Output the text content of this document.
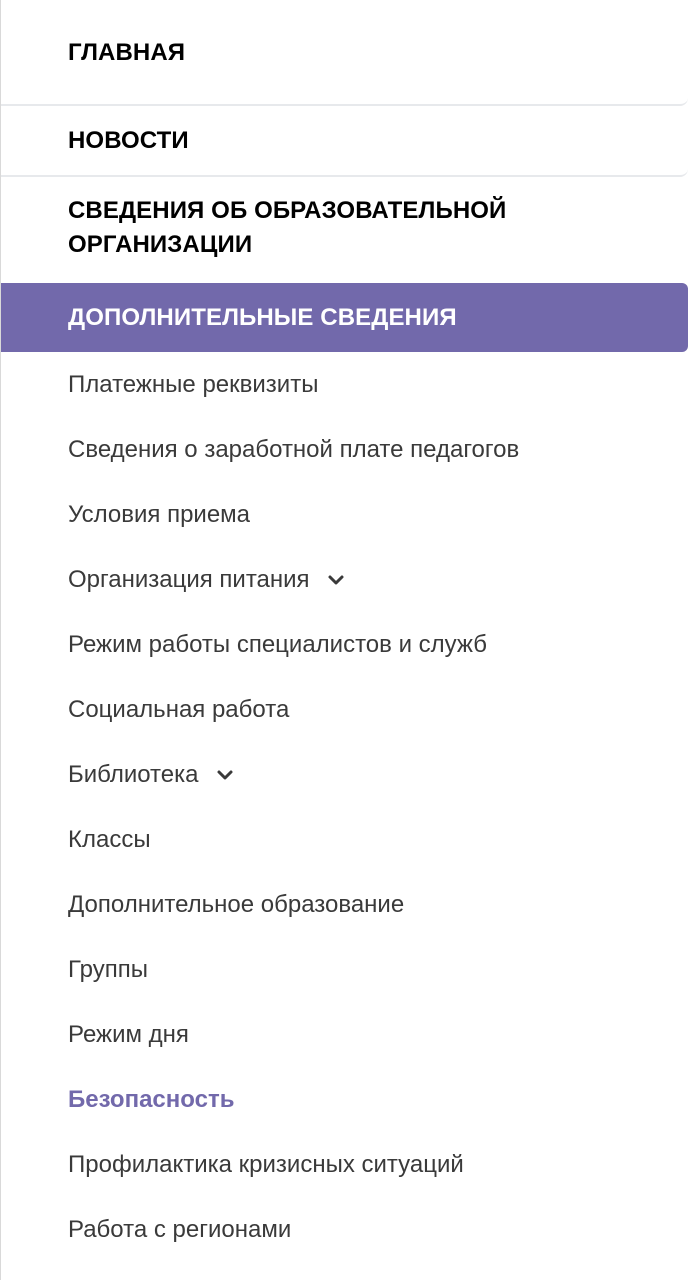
ГЛАВНАЯ
НОВОСТИ
СВЕДЕНИЯ ОБ ОБРАЗОВАТЕЛЬНОЙ ОРГАНИЗАЦИИ
ДОПОЛНИТЕЛЬНЫЕ СВЕДЕНИЯ
Платежные реквизиты
Сведения о заработной плате педагогов
Условия приема
Организация питания
Режим работы специалистов и служб
Социальная работа
Библиотека
Классы
Дополнительное образование
Группы
Режим дня
Безопасность
Профилактика кризисных ситуаций
Работа с регионами
